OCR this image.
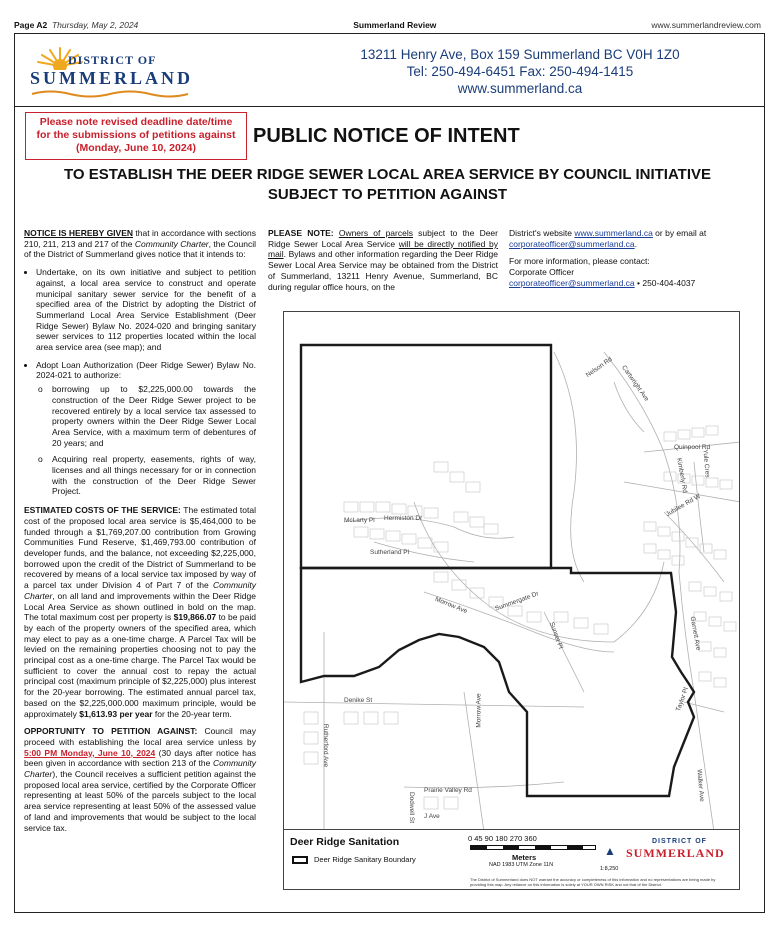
Page A2 Thursday, May 2, 2024	Summerland Review	www.summerlandreview.com
DISTRICT OF
SUMMERLAND
13211 Henry Ave, Box 159 Summerland BC V0H 1Z0
Tel: 250-494-6451 Fax: 250-494-1415
www.summerland.ca
Please note revised deadline date/time
for the submissions of petitions against
(Monday, June 10, 2024)
PUBLIC NOTICE OF INTENT
TO ESTABLISH THE DEER RIDGE SEWER LOCAL AREA SERVICE BY COUNCIL INITIATIVE
SUBJECT TO PETITION AGAINST

NOTICE IS HEREBY GIVEN that in accordance with sections 210, 211, 213 and 217 of the Community Charter, the Council of the District of Summerland gives notice that it intends to:

• Undertake, on its own initiative and subject to petition against, a local area service to construct and operate municipal sanitary sewer service for the benefit of a specified area of the District by adopting the District of Summerland Local Area Service Establishment (Deer Ridge Sewer) Bylaw No. 2024-020 and bringing sanitary sewer services to 112 properties located within the local area service area (see map); and
• Adopt Loan Authorization (Deer Ridge Sewer) Bylaw No. 2024-021 to authorize:
o borrowing up to $2,225,000.00 towards the construction of the Deer Ridge Sewer project to be recovered entirely by a local service tax assessed to property owners within the Deer Ridge Sewer Local Area Service, with a maximum term of debentures of 20 years; and
o Acquiring real property, easements, rights of way, licenses and all things necessary for or in connection with the construction of the Deer Ridge Sewer Project.

ESTIMATED COSTS OF THE SERVICE: The estimated total cost of the proposed local area service is $5,464,000 to be funded through a $1,769,207.00 contribution from Growing Communities Fund Reserve, $1,469,793.00 contribution of developer funds, and the balance, not exceeding $2,225,000, borrowed upon the credit of the District of Summerland to be recovered by means of a local service tax imposed by way of a parcel tax under Division 4 of Part 7 of the Community Charter, on all land and improvements within the Deer Ridge Local Area Service as shown outlined in bold on the map. The total maximum cost per property is $19,866.07 to be paid by each of the property owners of the specified area, which may elect to pay as a one-time charge. A Parcel Tax will be levied on the remaining properties choosing not to pay the principal cost as a one-time charge. The Parcel Tax would be sufficient to cover the annual cost to repay the actual principal cost (maximum principle of $2,225,000) plus interest for the 20-year borrowing. The estimated annual parcel tax, based on the $2,225,000.000 maximum principle, would be approximately $1,613.93 per year for the 20-year term.

OPPORTUNITY TO PETITION AGAINST: Council may proceed with establishing the local area service unless by 5:00 PM Monday, June 10, 2024 (30 days after notice has been given in accordance with section 213 of the Community Charter), the Council receives a sufficient petition against the proposed local area service, certified by the Corporate Officer representing at least 50% of the parcels subject to the local area service representing at least 50% of the assessed value of land and improvements that would be subject to the local service tax.

PLEASE NOTE: Owners of parcels subject to the Deer Ridge Sewer Local Area Service will be directly notified by mail. Bylaws and other information regarding the Deer Ridge Sewer Local Area Service may be obtained from the District of Summerland, 13211 Henry Avenue, Summerland, BC during regular office hours, on the

District's website www.summerland.ca or by email at corporateofficer@summerland.ca.

For more information, please contact:
Corporate Officer
corporateofficer@summerland.ca • 250-404-4037
McLarty Pl Hermiston Dr
Sutherland Pl
Morrow Ave	Summergate Dr
Sunset Pl
Denike St	Morrow Ave
Rutherford Ave
Prairie Valley Rd
Dodwell St J Ave
Nelson Rd Cartwright Ave
Quinpool Rd
Kimberly Rd
Jubilee Rd W
Garnett Ave
Taylor Pl
Walker Ave
Yule Cres
Deer Ridge Sanitation
Deer Ridge Sanitary Boundary
0 45 90 180 270 360
Meters
NAD 1983 UTM Zone 11N
▲
1:8,250
DISTRICT OF
SUMMERLAND
The District of Summerland does NOT warrant the accuracy or completeness of this information and no representations are being made by providing this map. Any reliance on this information is solely at YOUR OWN RISK and not that of the District.
